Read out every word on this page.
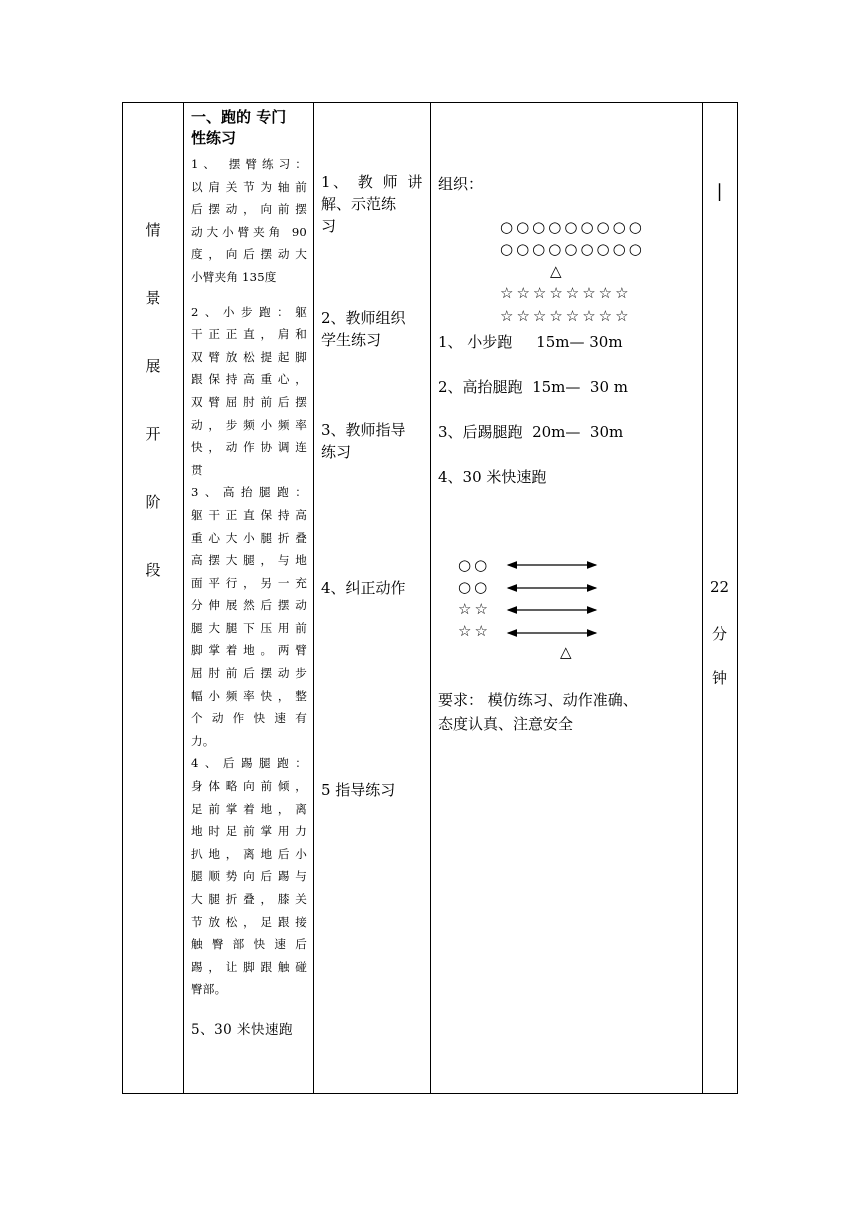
情
景
展
开
阶
段
一、跑的 专门
性练习

1、 摆臂练习：

以肩关节为轴前

后摆动，向前摆

动大小臂夹角 90

度，向后摆动大

小臂夹角 135度

2、小步跑：躯

干正正直，肩和

双臂放松提起脚

跟保持高重心，

双臂屈肘前后摆

动，步频小频率

快，动作协调连

贯

3、高抬腿跑：

躯干正直保持高

重心大小腿折叠

高摆大腿，与地

面平行，另一充

分伸展然后摆动

腿大腿下压用前

脚掌着地。两臂

屈肘前后摆动步

幅小频率快，整

个动作快速有

力。

4、后踢腿跑：

身体略向前倾，

足前掌着地，离

地时足前掌用力

扒地，离地后小

腿顺势向后踢与

大腿折叠，膝关

节放松，足跟接

触臀部快速后

踢，让脚跟触碰

臀部。

5、30 米快速跑

1、 教 师 讲
解、示范练
习
2、教师组织
学生练习
3、教师指导
练习
4、纠正动作
5 指导练习
组织：
○○○○○○○○○
○○○○○○○○○
△
☆☆☆☆☆☆☆☆
☆☆☆☆☆☆☆☆
1、 小步跑     15m— 30m
2、高抬腿跑  15m—  30 m
3、后踢腿跑  20m—  30m
4、30 米快速跑
○○
○○
☆☆
☆☆
△
要求： 模仿练习、动作准确、
态度认真、注意安全
|
22
分
钟
